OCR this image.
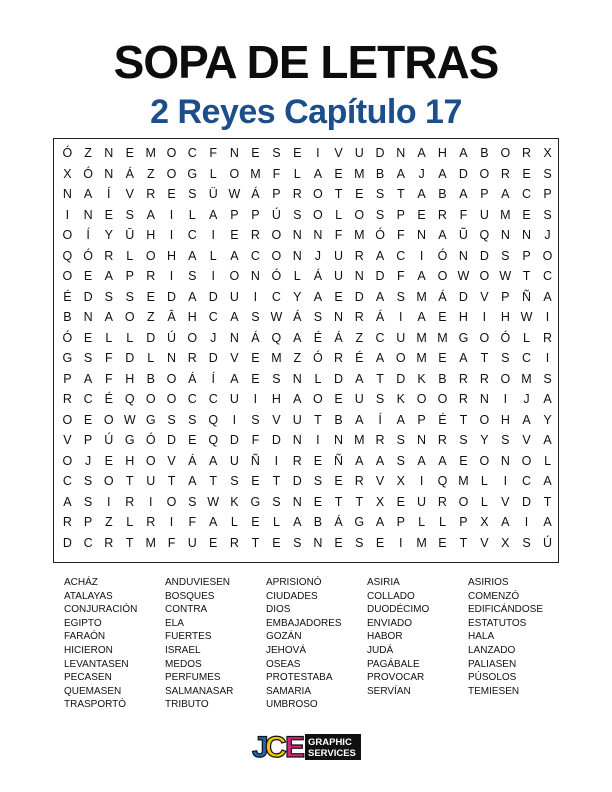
SOPA DE LETRAS
2 Reyes Capítulo 17
Ó	Z	N	E	M	O	C	F	N	E	S	E	I	V	U	D	N	A	H	A	B	O	R	X
X	Ó	N	Á	Z	O	G	L	O	M	F	L	A	E	M	B	A	J	A	D	O	R	E	S
N	A	Í	V	R	E	S	Ü	W	Á	P	R	O	T	E	S	T	A	B	A	P	A	C	P
I	N	E	S	A	I	L	A	P	P	Ú	S	O	L	O	S	P	E	R	F	U	M	E	S
O	Í	Y	Ū	H	I	C	I	E	R	O	N	N	F	M	Ó	F	N	A	Ũ	Q	N	N	J
Q	Ó	R	L	O	H	A	L	A	C	O	N	J	U	R	A	C	I	Ó	N	D	S	P	O
O	E	A	P	R	I	S	I	O	N	Ó	L	Á	U	N	D	F	A	O	W	O	W	T	C
É	D	S	S	E	D	A	D	U	I	C	Y	A	E	D	A	S	M	Á	D	V	P	Ñ	A
B	N	A	O	Z	Â	H	C	A	S	W	Á	S	N	R	Á	I	A	E	H	I	H	W	I
Ó	E	L	L	D	Ú	O	J	N	Á	Q	A	É	Á	Z	C	U	M	M	G	O	Ó	L	R
G	S	F	D	L	N	R	D	V	E	M	Z	Ó	R	É	A	O	M	E	A	T	S	C	I
P	A	F	H	B	O	Á	Í	A	E	S	N	L	D	A	T	D	K	B	R	R	O	M	S
R	C	É	Q	O	O	C	C	U	I	H	A	O	E	U	S	K	O	O	R	N	I	J	A
O	E	O	W	G	S	S	Q	I	S	V	U	T	B	A	Í	A	P	É	T	O	H	A	Y
V	P	Ú	G	Ó	D	E	Q	D	F	D	N	I	N	M	R	S	N	R	S	Y	S	V	A
O	J	E	H	O	V	Á	A	U	Ñ	I	R	E	Ñ	A	A	S	A	A	E	O	N	O	L
C	S	O	T	U	T	A	T	S	E	T	D	S	E	R	V	X	I	Q	M	L	I	C	A
A	S	I	R	I	O	S	W	K	G	S	N	E	T	T	X	E	U	R	O	L	V	D	T
R	P	Z	L	R	I	F	A	L	E	L	A	B	Á	G	A	P	L	L	P	X	A	I	A
D	C	R	T	M	F	U	E	R	T	E	S	N	E	S	E	I	M	E	T	V	X	S	Ú
ACHÁZ	ANDUVIESEN	APRISIONÓ	ASIRIA	ASIRIOS
ATALAYAS	BOSQUES	CIUDADES	COLLADO	COMENZÓ
CONJURACIÓN	CONTRA	DIOS	DUODÉCIMO	EDIFICÁNDOSE
EGIPTO	ELA	EMBAJADORES	ENVIADO	ESTATUTOS
FARAÓN	FUERTES	GOZÁN	HABOR	HALA
HICIERON	ISRAEL	JEHOVÁ	JUDÁ	LANZADO
LEVANTASEN	MEDOS	OSEAS	PAGÁBALE	PALIASEN
PECASEN	PERFUMES	PROTESTABA	PROVOCAR	PÚSOLOS
QUEMASEN	SALMANASAR	SAMARIA	SERVÍAN	TEMIESEN
TRASPORTÓ	TRIBUTO	UMBROSO		
J
C
E GRAPHIC
SERVICES
